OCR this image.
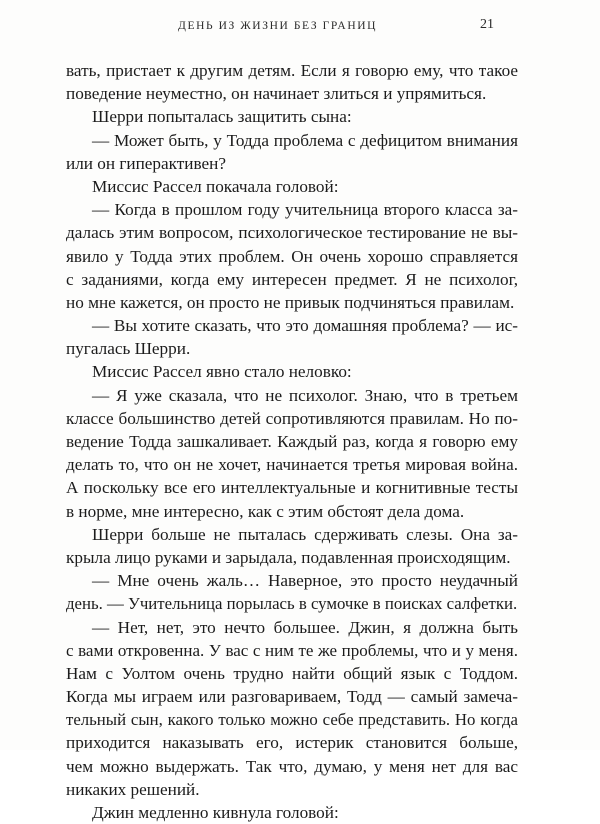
ДЕНЬ ИЗ ЖИЗНИ БЕЗ ГРАНИЦ	21
вать, пристает к другим детям. Если я говорю ему, что такое
поведение неуместно, он начинает злиться и упрямиться.
Шерри попыталась защитить сына:
— Может быть, у Тодда проблема с дефицитом внимания
или он гиперактивен?
Миссис Рассел покачала головой:
— Когда в прошлом году учительница второго класса за-
далась этим вопросом, психологическое тестирование не вы-
явило у Тодда этих проблем. Он очень хорошо справляется
с заданиями, когда ему интересен предмет. Я не психолог,
но мне кажется, он просто не привык подчиняться правилам.
— Вы хотите сказать, что это домашняя проблема? — ис-
пугалась Шерри.
Миссис Рассел явно стало неловко:
— Я уже сказала, что не психолог. Знаю, что в третьем
классе большинство детей сопротивляются правилам. Но по-
ведение Тодда зашкаливает. Каждый раз, когда я говорю ему
делать то, что он не хочет, начинается третья мировая война.
А поскольку все его интеллектуальные и когнитивные тесты
в норме, мне интересно, как с этим обстоят дела дома.
Шерри больше не пыталась сдерживать слезы. Она за-
крыла лицо руками и зарыдала, подавленная происходящим.
— Мне очень жаль… Наверное, это просто неудачный
день. — Учительница порылась в сумочке в поисках салфетки.
— Нет, нет, это нечто большее. Джин, я должна быть
с вами откровенна. У вас с ним те же проблемы, что и у меня.
Нам с Уолтом очень трудно найти общий язык с Тоддом.
Когда мы играем или разговариваем, Тодд — самый замеча-
тельный сын, какого только можно себе представить. Но когда
приходится наказывать его, истерик становится больше,
чем можно выдержать. Так что, думаю, у меня нет для вас
никаких решений.
Джин медленно кивнула головой:
